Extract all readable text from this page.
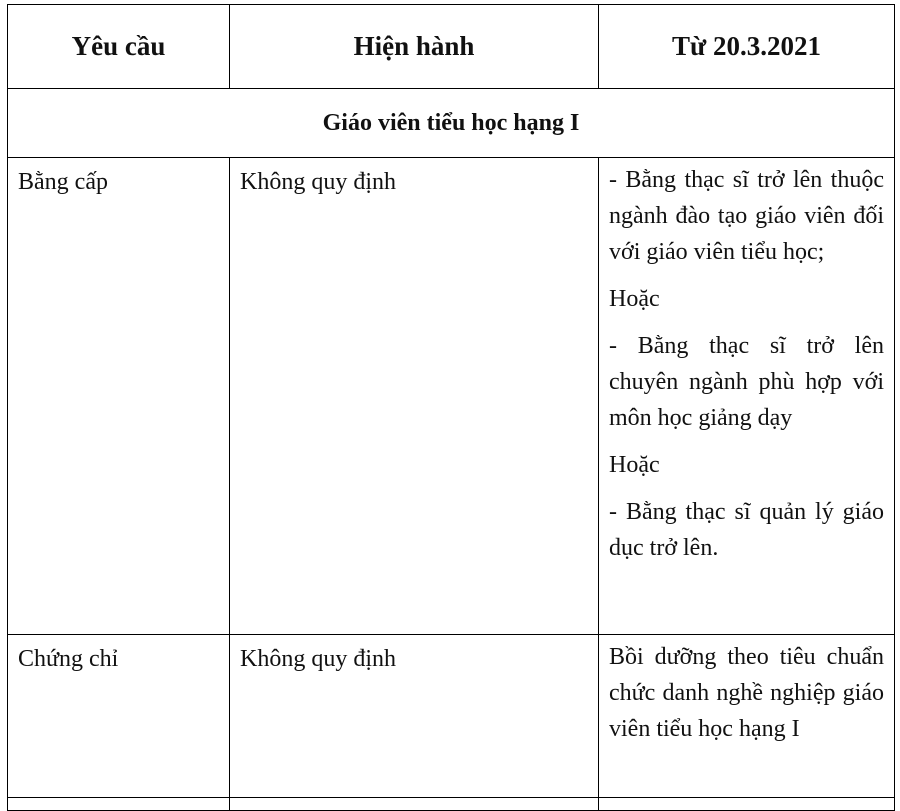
Yêu cầu	Hiện hành	Từ 20.3.2021
Giáo viên tiểu học hạng I		

Bằng cấp	Không quy định	- Bằng thạc sĩ trở lên thuộc ngành đào tạo giáo viên đối với giáo viên tiểu học;

Hoặc

- Bằng thạc sĩ trở lên chuyên ngành phù hợp với môn học giảng dạy

Hoặc

- Bằng thạc sĩ quản lý giáo dục trở lên.

Chứng chỉ	Không quy định	Bồi dưỡng theo tiêu chuẩn chức danh nghề nghiệp giáo viên tiểu học hạng I
